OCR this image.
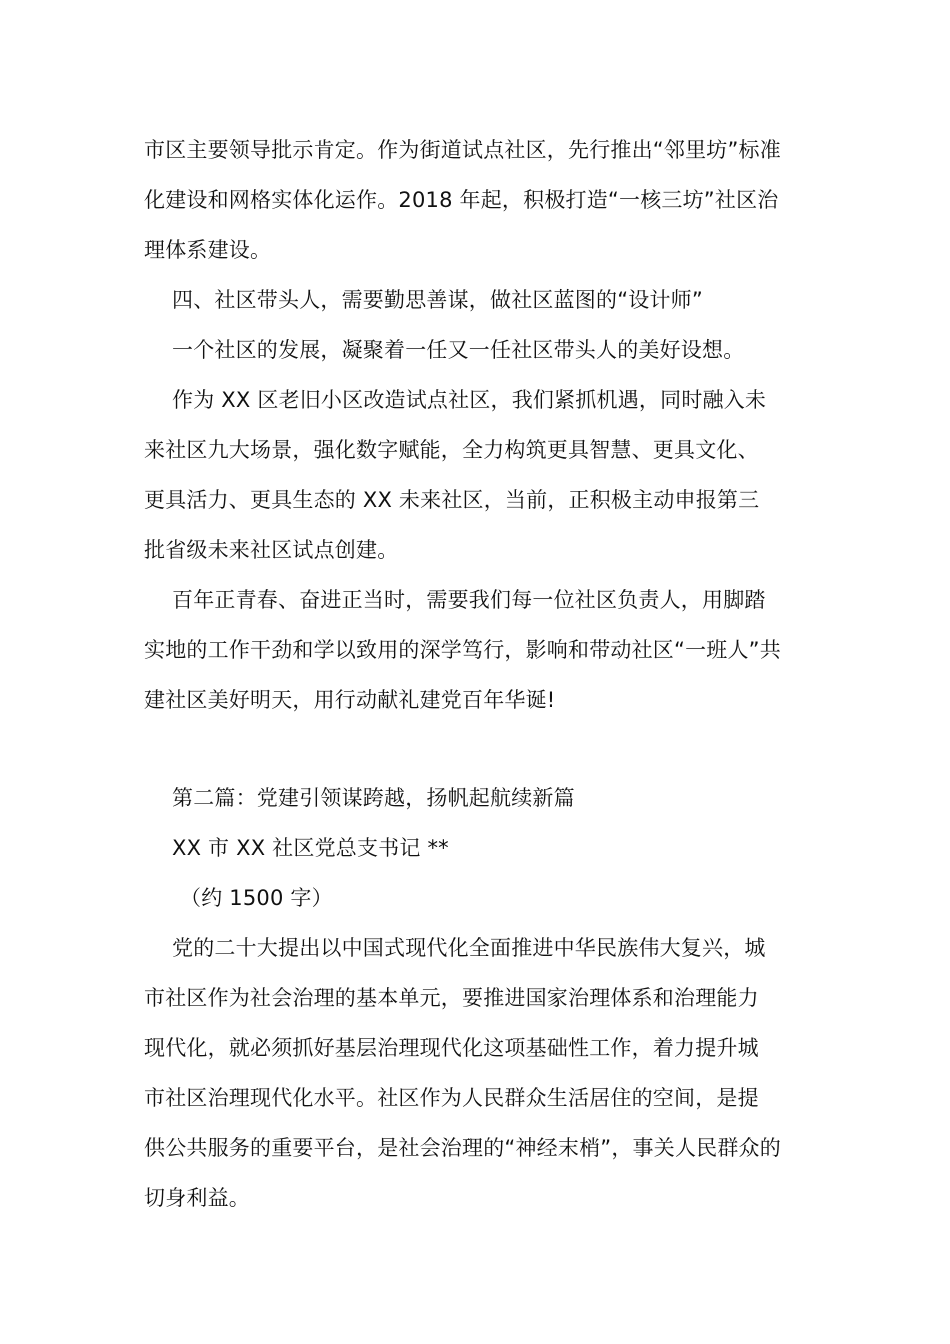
市区主要领导批示肯定。作为街道试点社区，先行推出“邻里坊”标准
化建设和网格实体化运作。2018 年起，积极打造“一核三坊”社区治
理体系建设。
四、社区带头人，需要勤思善谋，做社区蓝图的“设计师”
一个社区的发展，凝聚着一任又一任社区带头人的美好设想。
作为 XX 区老旧小区改造试点社区，我们紧抓机遇，同时融入未
来社区九大场景，强化数字赋能，全力构筑更具智慧、更具文化、
更具活力、更具生态的 XX 未来社区，当前，正积极主动申报第三
批省级未来社区试点创建。
百年正青春、奋进正当时，需要我们每一位社区负责人，用脚踏
实地的工作干劲和学以致用的深学笃行，影响和带动社区“一班人”共
建社区美好明天，用行动献礼建党百年华诞!
第二篇：党建引领谋跨越，扬帆起航续新篇
XX 市 XX 社区党总支书记 **
（约 1500 字）
党的二十大提出以中国式现代化全面推进中华民族伟大复兴，城
市社区作为社会治理的基本单元，要推进国家治理体系和治理能力
现代化，就必须抓好基层治理现代化这项基础性工作，着力提升城
市社区治理现代化水平。社区作为人民群众生活居住的空间，是提
供公共服务的重要平台，是社会治理的“神经末梢”，事关人民群众的
切身利益。
